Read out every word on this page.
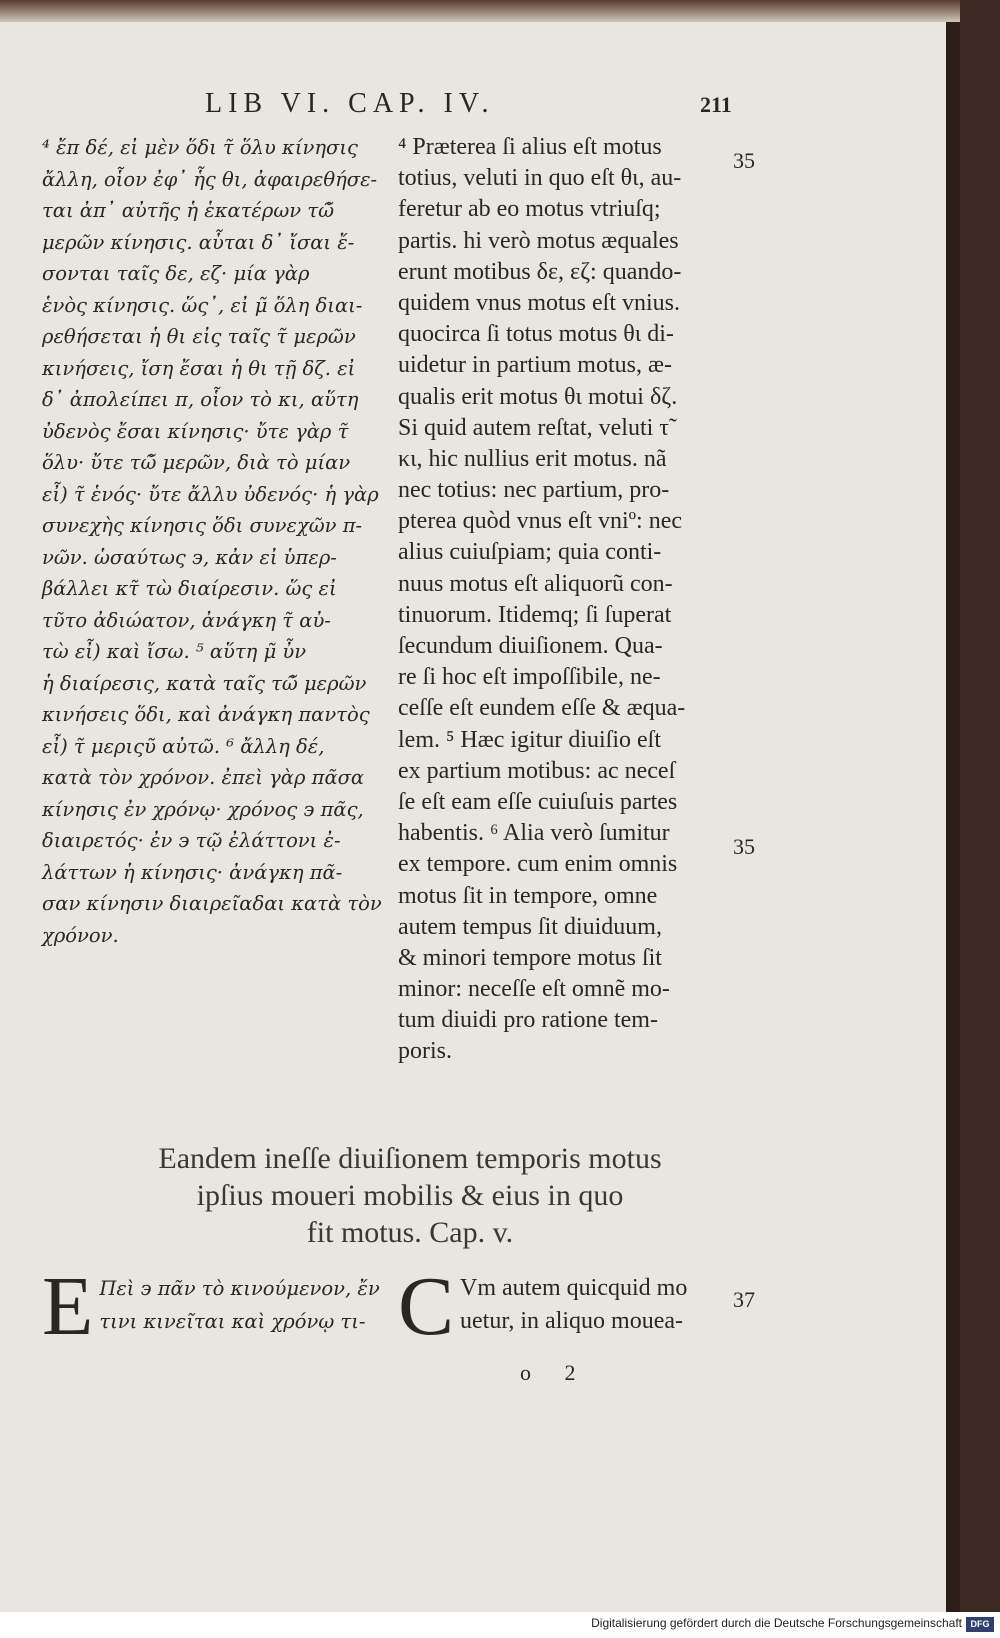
LIB VI. CAP. IV.	211
⁴ ἔπ δέ, εἰ μὲν ὅδι τ̃ ὅλυ κίνησις
ἄλλη, οἷον ἐφ᾽ ἧς θι, ἀφαιρεθήσε-
ται ἀπ᾽ αὐτῆς ἡ ἑκατέρων τῶ̃
μερῶν κίνησις. αὗται δ᾽ ἴσαι ἔ-
σονται ταῖς δε, εζ· μία γὰρ
ἑνὸς κίνησις. ὥς᾽, εἰ μ̃ ὅλη διαι-
ρεθήσεται ἡ θι εἰς ταῖς τ̃ μερῶν
κινήσεις, ἴση ἔσαι ἡ θι τῇ δζ. εἰ
δ᾽ ἀπολείπει π, οἷον τὸ κι, αὕτη
ὐδενὸς ἔσαι κίνησις· ὔτε γὰρ τ̃
ὅλυ· ὔτε τῶ̃ μερῶν, διὰ τὸ μίαν
εἶ) τ̃ ἑνός· ὔτε ἄλλυ ὐδενός· ἡ γὰρ
συνεχὴς κίνησις ὅδι συνεχῶν π-
νῶν. ὡσαύτως ϶, κἀν εἰ ὑπερ-
βάλλει κτ̃ τὼ διαίρεσιν. ὥς εἰ
τῦτο ἀδιώατον, ἀνάγκη τ̃ αὐ-
τὼ εἶ) καὶ ἴσω. ⁵ αὕτη μ̃ ὖν
ἡ διαίρεσις, κατὰ ταῖς τῶ̃ μερῶν
κινήσεις ὅδι, καὶ ἀνάγκη παντὸς
εἶ) τ̃ μεριςῦ αὐτῶ. ⁶ ἄλλη δέ,
κατὰ τὸν χρόνον. ἐπεὶ γὰρ πᾶσα
κίνησις ἐν χρόνῳ· χρόνος ϶ πᾶς,
διαιρετός· ἐν ϶ τῷ ἐλάττονι ἐ-
λάττων ἡ κίνησις· ἀνάγκη πᾶ-
σαν κίνησιν διαιρεῖαδαι κατὰ τὸν
χρόνον.
⁴ Præterea ſi alius eſt motus
totius, veluti in quo eſt θι, au-
feretur ab eo motus vtriuſq;
partis. hi verò motus æquales
erunt motibus δε, εζ: quando-
quidem vnus motus eſt vnius.
quocirca ſi totus motus θι di-
uidetur in partium motus, æ-
qualis erit motus θι motui δζ.
Si quid autem reſtat, veluti τ̃
κι, hic nullius erit motus. nã
nec totius: nec partium, pro-
pterea quòd vnus eſt vniº: nec
alius cuiuſpiam; quia conti-
nuus motus eſt aliquorũ con-
tinuorum. Itidemq; ſi ſuperat
ſecundum diuiſionem. Qua-
re ſi hoc eſt impoſſibile, ne-
ceſſe eſt eundem eſſe & æqua-
lem. ⁵ Hæc igitur diuiſio eſt
ex partium motibus: ac neceſ
ſe eſt eam eſſe cuiuſuis partes
habentis. ⁶ Alia verò ſumitur
ex tempore. cum enim omnis
motus ſit in tempore, omne
autem tempus ſit diuiduum,
& minori tempore motus ſit
minor: neceſſe eſt omnẽ mo-
tum diuidi pro ratione tem-
poris.
35
35
37
Eandem ineſſe diuiſionem temporis motus
ipſius moueri mobilis & eius in quo
fit motus. Cap. v.
E Πεὶ ϶ πᾶν τὸ κινούμενον, ἔν
τινι κινεῖται καὶ χρόνῳ τι- C Vm autem quicquid mo
uetur, in aliquo mouea-
o 2
Digitalisierung gefördert durch die Deutsche Forschungsgemeinschaft DFG
